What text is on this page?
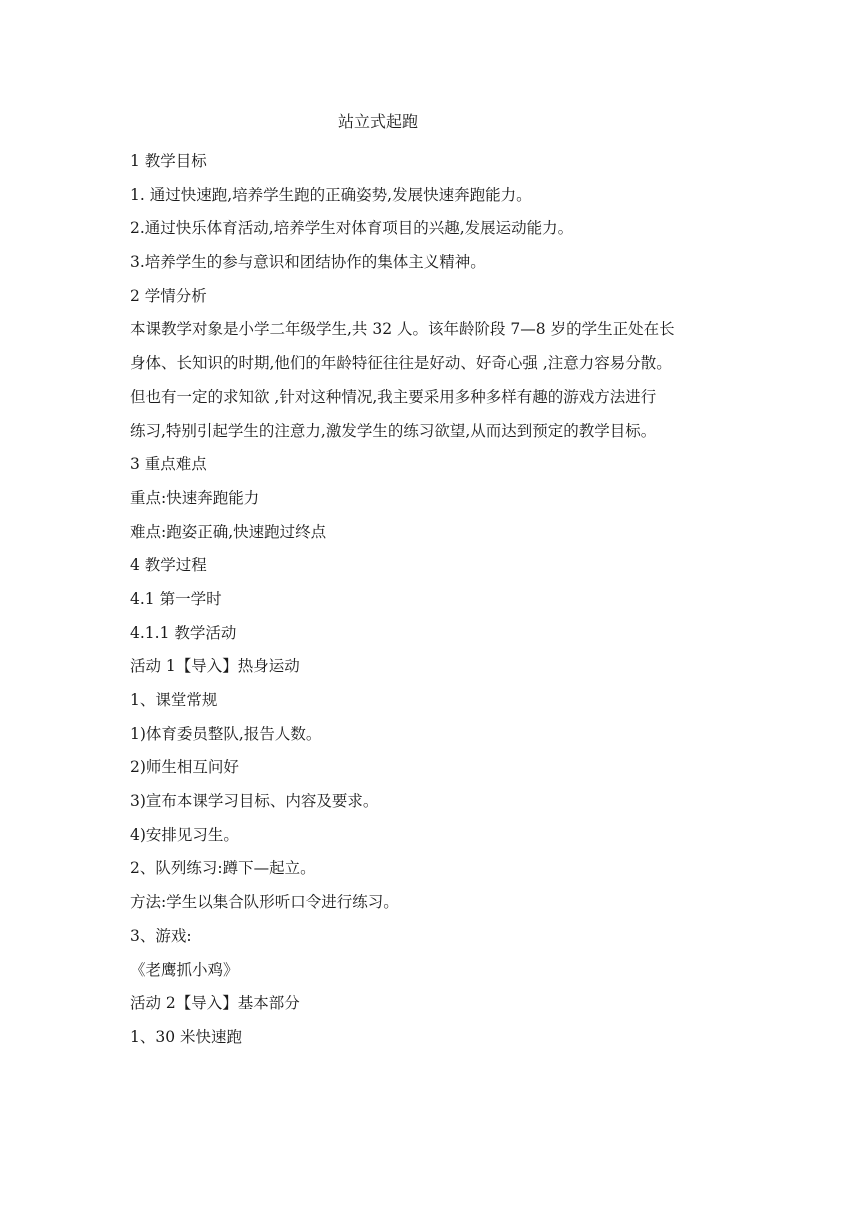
站立式起跑
1 教学目标
1. 通过快速跑,培养学生跑的正确姿势,发展快速奔跑能力。
2.通过快乐体育活动,培养学生对体育项目的兴趣,发展运动能力。
3.培养学生的参与意识和团结协作的集体主义精神。
2 学情分析
本课教学对象是小学二年级学生,共 32 人。该年龄阶段 7—8 岁的学生正处在长
身体、长知识的时期,他们的年龄特征往往是好动、好奇心强 ,注意力容易分散。
但也有一定的求知欲 ,针对这种情况,我主要采用多种多样有趣的游戏方法进行
练习,特别引起学生的注意力,激发学生的练习欲望,从而达到预定的教学目标。
3 重点难点
重点:快速奔跑能力
难点:跑姿正确,快速跑过终点
4 教学过程
4.1 第一学时
4.1.1 教学活动
活动 1【导入】热身运动
1、课堂常规
1)体育委员整队,报告人数。
2)师生相互问好
3)宣布本课学习目标、内容及要求。
4)安排见习生。
2、队列练习:蹲下—起立。
方法:学生以集合队形听口令进行练习。
3、游戏:
《老鹰抓小鸡》
活动 2【导入】基本部分
1、30 米快速跑
